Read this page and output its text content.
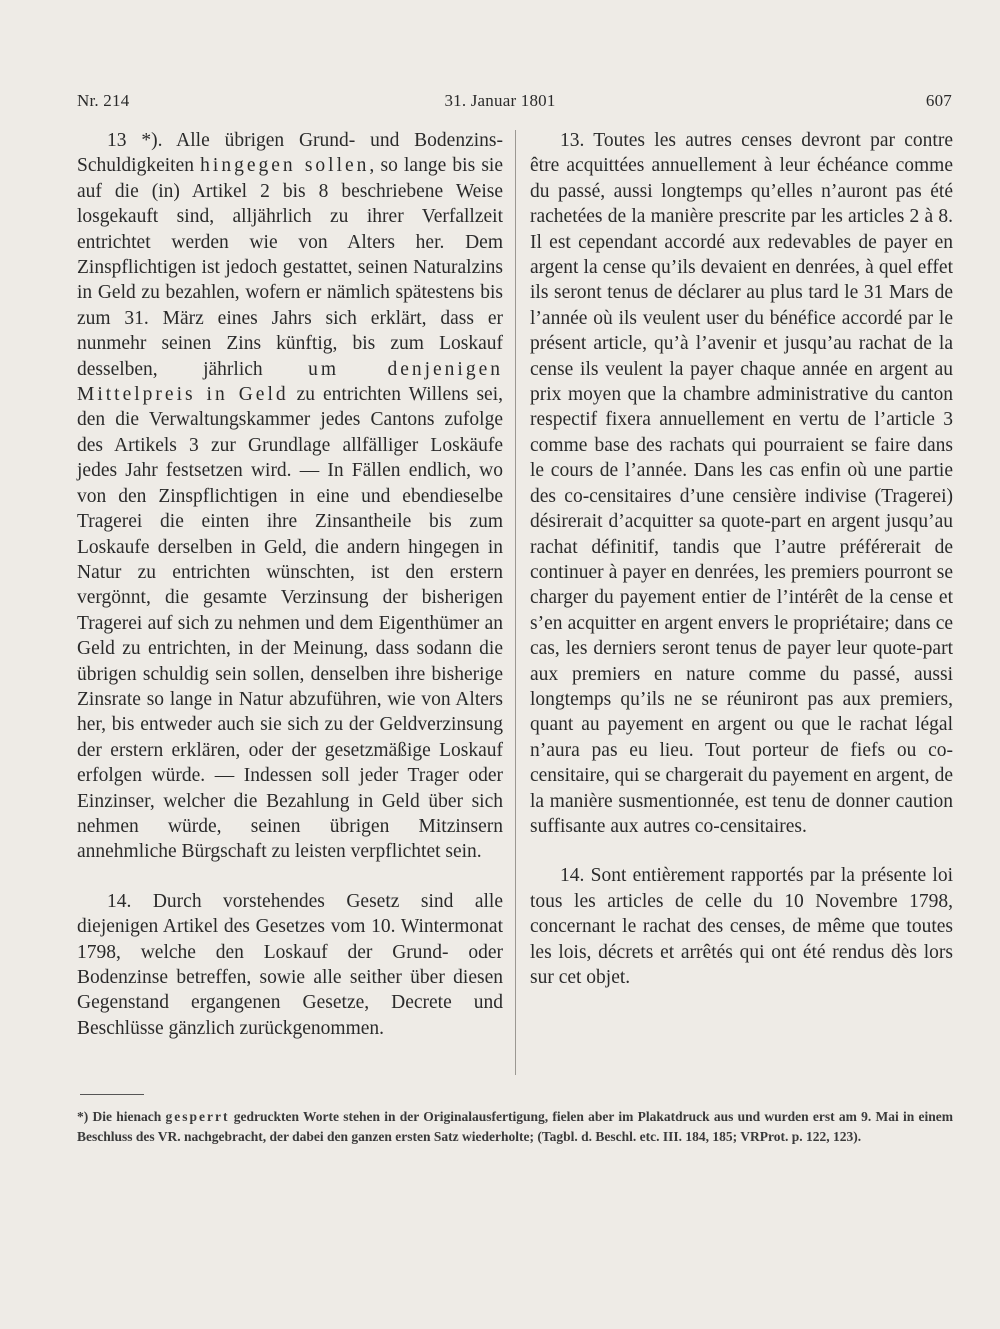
Nr. 214	31. Januar 1801	607

13 *). Alle übrigen Grund- und Bodenzins-Schuldigkeiten hingegen sollen, so lange bis sie auf die (in) Artikel 2 bis 8 beschriebene Weise losgekauft sind, alljährlich zu ihrer Verfallzeit entrichtet werden wie von Alters her. Dem Zinspflichtigen ist jedoch gestattet, seinen Naturalzins in Geld zu bezahlen, wofern er nämlich spätestens bis zum 31. März eines Jahrs sich erklärt, dass er nunmehr seinen Zins künftig, bis zum Loskauf desselben, jährlich um denjenigen Mittelpreis in Geld zu entrichten Willens sei, den die Verwaltungskammer jedes Cantons zufolge des Artikels 3 zur Grundlage allfälliger Loskäufe jedes Jahr festsetzen wird. — In Fällen endlich, wo von den Zinspflichtigen in eine und ebendieselbe Tragerei die einten ihre Zinsantheile bis zum Loskaufe derselben in Geld, die andern hingegen in Natur zu entrichten wünschten, ist den erstern vergönnt, die gesamte Verzinsung der bisherigen Tragerei auf sich zu nehmen und dem Eigenthümer an Geld zu entrichten, in der Meinung, dass sodann die übrigen schuldig sein sollen, denselben ihre bisherige Zinsrate so lange in Natur abzuführen, wie von Alters her, bis entweder auch sie sich zu der Geldverzinsung der erstern erklären, oder der gesetzmäßige Loskauf erfolgen würde. — Indessen soll jeder Trager oder Einzinser, welcher die Bezahlung in Geld über sich nehmen würde, seinen übrigen Mitzinsern annehmliche Bürgschaft zu leisten verpflichtet sein.

14. Durch vorstehendes Gesetz sind alle diejenigen Artikel des Gesetzes vom 10. Wintermonat 1798, welche den Loskauf der Grund- oder Bodenzinse betreffen, sowie alle seither über diesen Gegenstand ergangenen Gesetze, Decrete und Beschlüsse gänzlich zurückgenommen.

13. Toutes les autres censes devront par contre être acquittées annuellement à leur échéance comme du passé, aussi longtemps qu’elles n’auront pas été rachetées de la manière prescrite par les articles 2 à 8. Il est cependant accordé aux redevables de payer en argent la cense qu’ils devaient en denrées, à quel effet ils seront tenus de déclarer au plus tard le 31 Mars de l’année où ils veulent user du bénéfice accordé par le présent article, qu’à l’avenir et jusqu’au rachat de la cense ils veulent la payer chaque année en argent au prix moyen que la chambre administrative du canton respectif fixera annuellement en vertu de l’article 3 comme base des rachats qui pourraient se faire dans le cours de l’année. Dans les cas enfin où une partie des co-censitaires d’une censière indivise (Tragerei) désirerait d’acquitter sa quote-part en argent jusqu’au rachat définitif, tandis que l’autre préférerait de continuer à payer en denrées, les premiers pourront se charger du payement entier de l’intérêt de la cense et s’en acquitter en argent envers le propriétaire; dans ce cas, les derniers seront tenus de payer leur quote-part aux premiers en nature comme du passé, aussi longtemps qu’ils ne se réuniront pas aux premiers, quant au payement en argent ou que le rachat légal n’aura pas eu lieu. Tout porteur de fiefs ou co-censitaire, qui se chargerait du payement en argent, de la manière susmentionnée, est tenu de donner caution suffisante aux autres co-censitaires.

14. Sont entièrement rapportés par la présente loi tous les articles de celle du 10 Novembre 1798, concernant le rachat des censes, de même que toutes les lois, décrets et arrêtés qui ont été rendus dès lors sur cet objet.

*) Die hienach gesperrt gedruckten Worte stehen in der Originalausfertigung, fielen aber im Plakatdruck aus und wurden erst am 9. Mai in einem Beschluss des VR. nachgebracht, der dabei den ganzen ersten Satz wiederholte; (Tagbl. d. Beschl. etc. III. 184, 185; VRProt. p. 122, 123).
